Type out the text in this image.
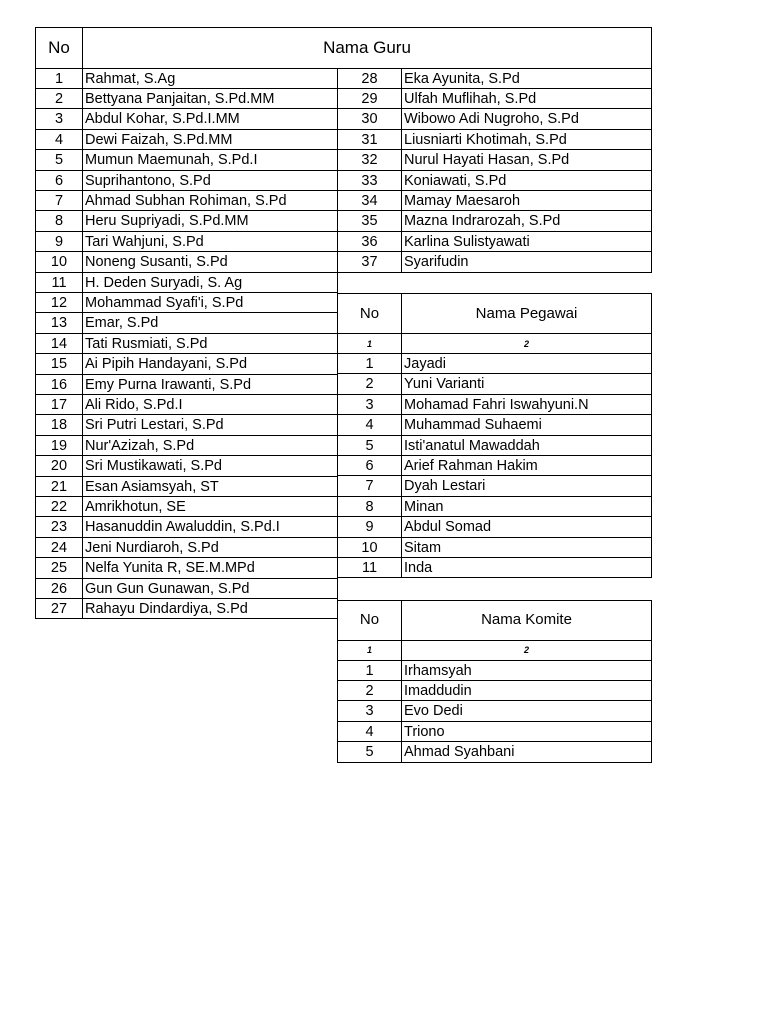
No	Nama Guru
1	Rahmat, S.Ag
2	Bettyana Panjaitan, S.Pd.MM
3	Abdul Kohar, S.Pd.I.MM
4	Dewi Faizah, S.Pd.MM
5	Mumun Maemunah, S.Pd.I
6	Suprihantono, S.Pd
7	Ahmad Subhan Rohiman, S.Pd
8	Heru Supriyadi, S.Pd.MM
9	Tari Wahjuni, S.Pd
10	Noneng Susanti, S.Pd
11	H. Deden Suryadi, S. Ag
12	Mohammad Syafi'i, S.Pd
13	Emar, S.Pd
14	Tati Rusmiati, S.Pd
15	Ai Pipih Handayani, S.Pd
16	Emy Purna Irawanti, S.Pd
17	Ali Rido, S.Pd.I
18	Sri Putri Lestari, S.Pd
19	Nur'Azizah, S.Pd
20	Sri Mustikawati, S.Pd
21	Esan Asiamsyah, ST
22	Amrikhotun, SE
23	Hasanuddin Awaluddin, S.Pd.I
24	Jeni Nurdiaroh, S.Pd
25	Nelfa Yunita R, SE.M.MPd
26	Gun Gun Gunawan, S.Pd
27	Rahayu Dindardiya, S.Pd
28	Eka Ayunita, S.Pd
29	Ulfah Muflihah, S.Pd
30	Wibowo Adi Nugroho, S.Pd
31	Liusniarti Khotimah, S.Pd
32	Nurul Hayati Hasan, S.Pd
33	Koniawati, S.Pd
34	Mamay Maesaroh
35	Mazna Indrarozah, S.Pd
36	Karlina Sulistyawati
37	Syarifudin
No	Nama Pegawai
1	2
1	Jayadi
2	Yuni Varianti
3	Mohamad Fahri Iswahyuni.N
4	Muhammad Suhaemi
5	Isti'anatul Mawaddah
6	Arief Rahman Hakim
7	Dyah Lestari
8	Minan
9	Abdul Somad
10	Sitam
11	Inda
No	Nama Komite
1	2
1	Irhamsyah
2	Imaddudin
3	Evo Dedi
4	Triono
5	Ahmad Syahbani
